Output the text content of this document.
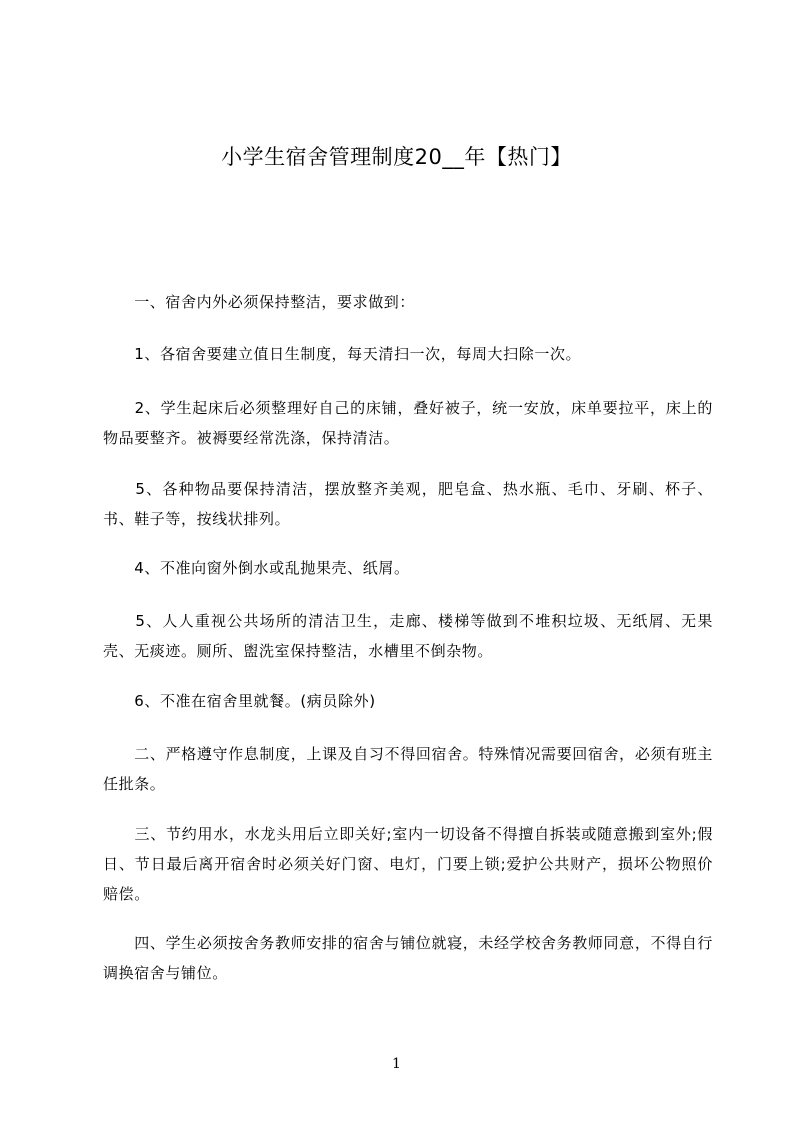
小学生宿舍管理制度20__年【热门】

　　一、宿舍内外必须保持整洁，要求做到：

　　1、各宿舍要建立值日生制度，每天清扫一次，每周大扫除一次。

　　2、学生起床后必须整理好自己的床铺，叠好被子，统一安放，床单要拉平，床上的物品要整齐。被褥要经常洗涤，保持清洁。

　　5、各种物品要保持清洁，摆放整齐美观，肥皂盒、热水瓶、毛巾、牙刷、杯子、书、鞋子等，按线状排列。

　　4、不准向窗外倒水或乱抛果壳、纸屑。

　　5、人人重视公共场所的清洁卫生，走廊、楼梯等做到不堆积垃圾、无纸屑、无果壳、无痰迹。厕所、盥洗室保持整洁，水槽里不倒杂物。

　　6、不准在宿舍里就餐。(病员除外)

　　二、严格遵守作息制度，上课及自习不得回宿舍。特殊情况需要回宿舍，必须有班主任批条。

　　三、节约用水，水龙头用后立即关好;室内一切设备不得擅自拆装或随意搬到室外;假日、节日最后离开宿舍时必须关好门窗、电灯，门要上锁;爱护公共财产，损坏公物照价赔偿。

　　四、学生必须按舍务教师安排的宿舍与铺位就寝，未经学校舍务教师同意，不得自行调换宿舍与铺位。

1
